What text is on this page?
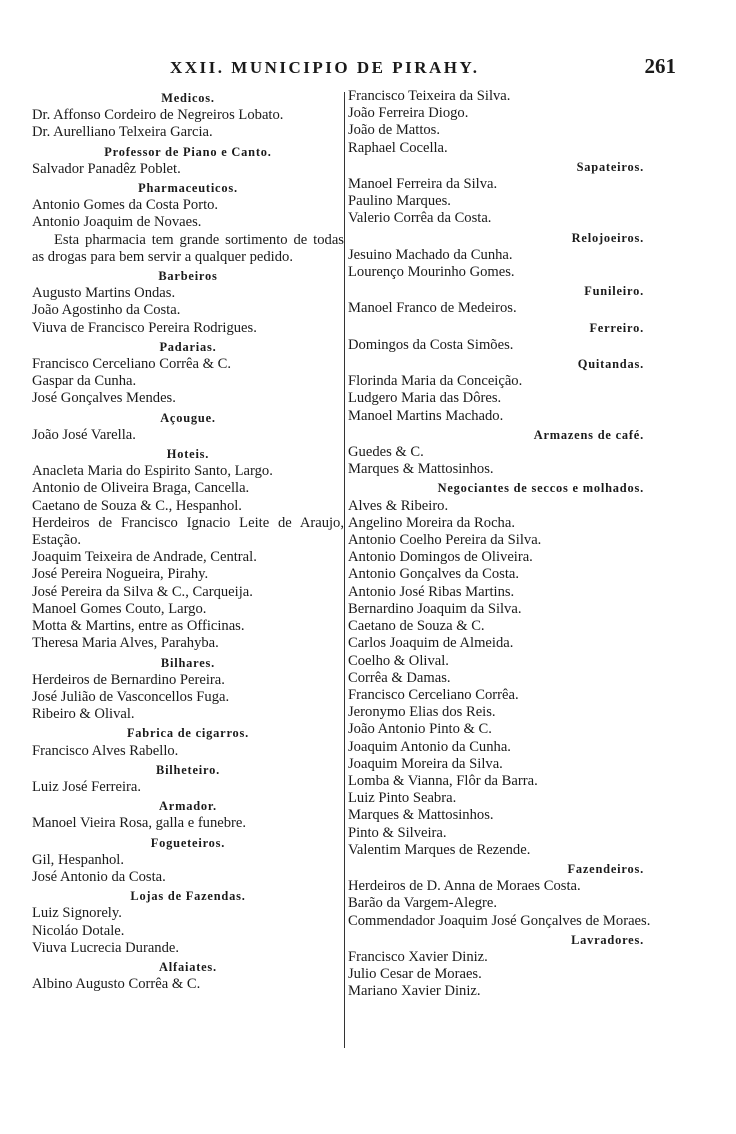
XXII. MUNICIPIO DE PIRAHY.	261
Medicos.
Dr. Affonso Cordeiro de Negreiros Lobato.
Dr. Aurelliano Telxeira Garcia.
Professor de Piano e Canto.
Salvador Panadêz Poblet.
Pharmaceuticos.
Antonio Gomes da Costa Porto.
Antonio Joaquim de Novaes.
Esta pharmacia tem grande sortimento de todas as drogas para bem servir a qualquer pedido.
Barbeiros
Augusto Martins Ondas.
João Agostinho da Costa.
Viuva de Francisco Pereira Rodrigues.
Padarias.
Francisco Cerceliano Corrêa & C.
Gaspar da Cunha.
José Gonçalves Mendes.
Açougue.
João José Varella.
Hoteis.
Anacleta Maria do Espirito Santo, Largo.
Antonio de Oliveira Braga, Cancella.
Caetano de Souza & C., Hespanhol.
Herdeiros de Francisco Ignacio Leite de Araujo, Estação.
Joaquim Teixeira de Andrade, Central.
José Pereira Nogueira, Pirahy.
José Pereira da Silva & C., Carqueija.
Manoel Gomes Couto, Largo.
Motta & Martins, entre as Officinas.
Theresa Maria Alves, Parahyba.
Bilhares.
Herdeiros de Bernardino Pereira.
José Julião de Vasconcellos Fuga.
Ribeiro & Olival.
Fabrica de cigarros.
Francisco Alves Rabello.
Bilheteiro.
Luiz José Ferreira.
Armador.
Manoel Vieira Rosa, galla e funebre.
Fogueteiros.
Gil, Hespanhol.
José Antonio da Costa.
Lojas de Fazendas.
Luiz Signorely.
Nicoláo Dotale.
Viuva Lucrecia Durande.
Alfaiates.
Albino Augusto Corrêa & C.
Francisco Teixeira da Silva.
João Ferreira Diogo.
João de Mattos.
Raphael Cocella.
Sapateiros.
Manoel Ferreira da Silva.
Paulino Marques.
Valerio Corrêa da Costa.
Relojoeiros.
Jesuino Machado da Cunha.
Lourenço Mourinho Gomes.
Funileiro.
Manoel Franco de Medeiros.
Ferreiro.
Domingos da Costa Simões.
Quitandas.
Florinda Maria da Conceição.
Ludgero Maria das Dôres.
Manoel Martins Machado.
Armazens de café.
Guedes & C.
Marques & Mattosinhos.
Negociantes de seccos e molhados.
Alves & Ribeiro.
Angelino Moreira da Rocha.
Antonio Coelho Pereira da Silva.
Antonio Domingos de Oliveira.
Antonio Gonçalves da Costa.
Antonio José Ribas Martins.
Bernardino Joaquim da Silva.
Caetano de Souza & C.
Carlos Joaquim de Almeida.
Coelho & Olival.
Corrêa & Damas.
Francisco Cerceliano Corrêa.
Jeronymo Elias dos Reis.
João Antonio Pinto & C.
Joaquim Antonio da Cunha.
Joaquim Moreira da Silva.
Lomba & Vianna, Flôr da Barra.
Luiz Pinto Seabra.
Marques & Mattosinhos.
Pinto & Silveira.
Valentim Marques de Rezende.
Fazendeiros.
Herdeiros de D. Anna de Moraes Costa.
Barão da Vargem-Alegre.
Commendador Joaquim José Gonçalves de Moraes.
Lavradores.
Francisco Xavier Diniz.
Julio Cesar de Moraes.
Mariano Xavier Diniz.
